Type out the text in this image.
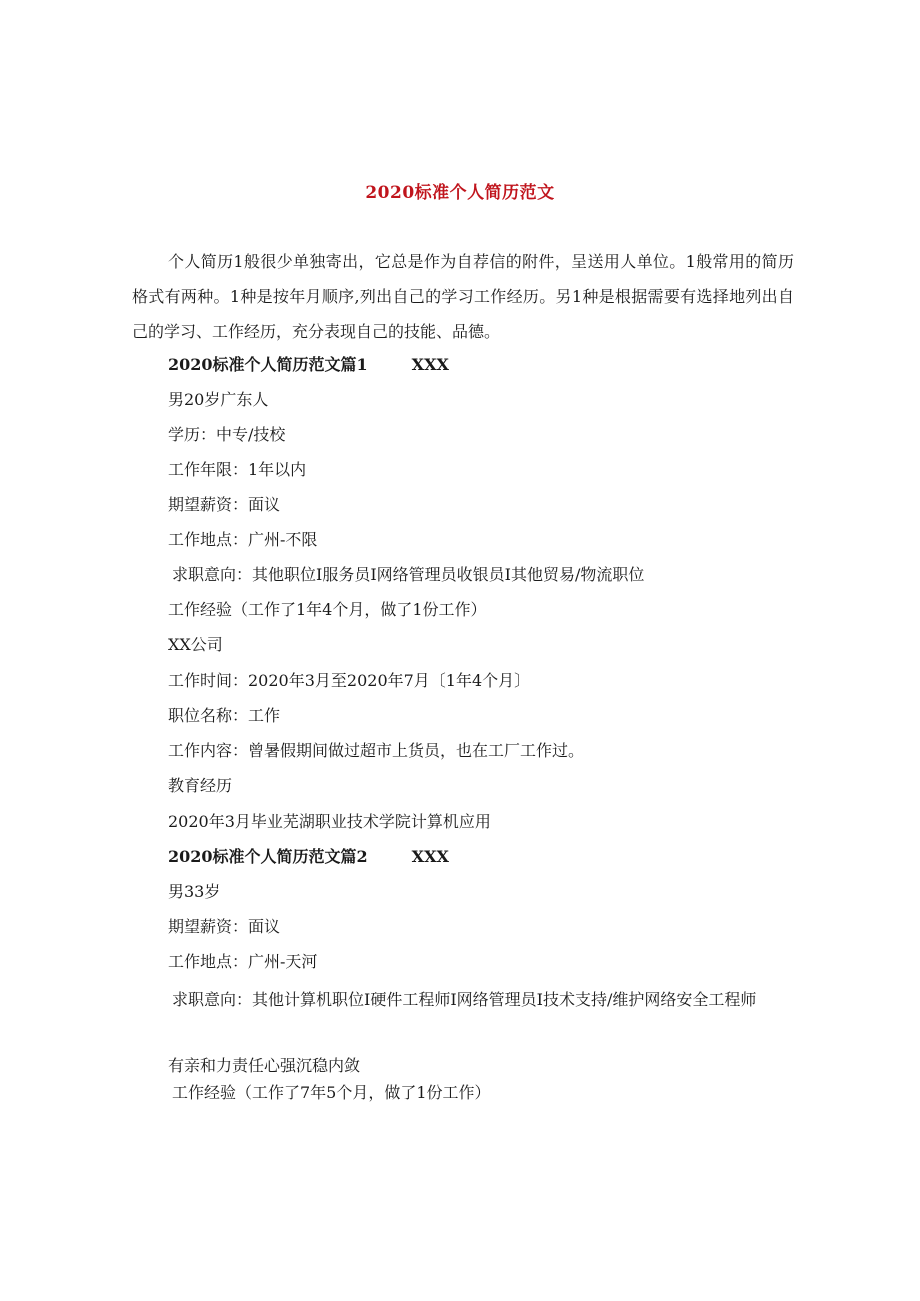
2020标准个人简历范文
个人简历1般很少单独寄出，它总是作为自荐信的附件，呈送用人单位。1般常用的简历格式有两种。1种是按年月顺序,列出自己的学习工作经历。另1种是根据需要有选择地列出自己的学习、工作经历，充分表现自己的技能、品德。
2020标准个人简历范文篇1	XXX
男20岁广东人
学历：中专/技校
工作年限：1年以内
期望薪资：面议
工作地点：广州-不限
求职意向：其他职位I服务员I网络管理员收银员I其他贸易/物流职位
工作经验（工作了1年4个月，做了1份工作）
XX公司
工作时间：2020年3月至2020年7月〔1年4个月〕
职位名称：工作
工作内容：曾暑假期间做过超市上货员，也在工厂工作过。
教育经历
2020年3月毕业芜湖职业技术学院计算机应用
2020标准个人简历范文篇2	XXX
男33岁
期望薪资：面议
工作地点：广州-天河
求职意向：其他计算机职位I硬件工程师I网络管理员I技术支持/维护网络安全工程师
有亲和力责任心强沉稳内敛
工作经验（工作了7年5个月，做了1份工作）
